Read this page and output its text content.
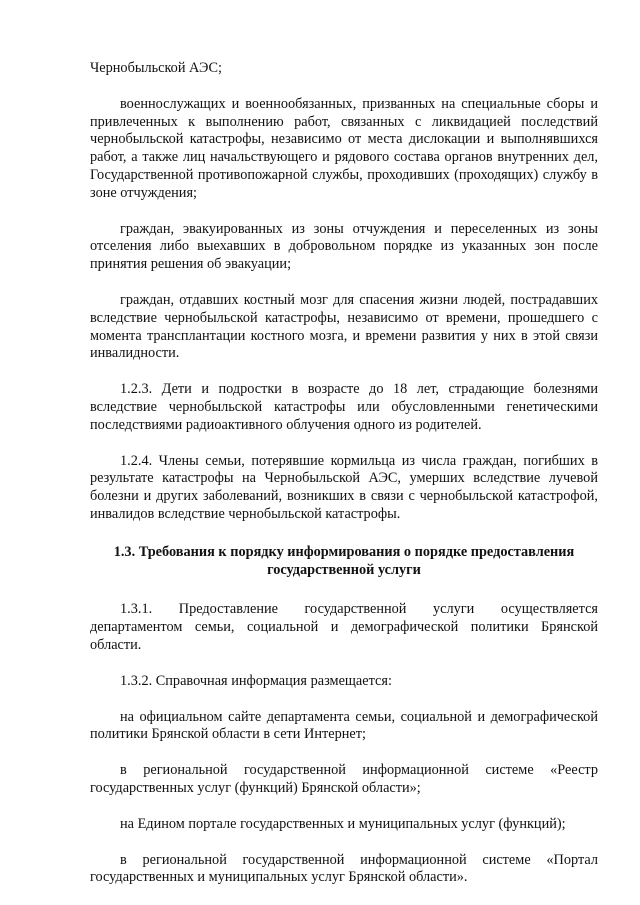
Чернобыльской АЭС;

военнослужащих и военнообязанных, призванных на специальные сборы и привлеченных к выполнению работ, связанных с ликвидацией последствий чернобыльской катастрофы, независимо от места дислокации и выполнявшихся работ, а также лиц начальствующего и рядового состава органов внутренних дел, Государственной противопожарной службы, проходивших (проходящих) службу в зоне отчуждения;

граждан, эвакуированных из зоны отчуждения и переселенных из зоны отселения либо выехавших в добровольном порядке из указанных зон после принятия решения об эвакуации;

граждан, отдавших костный мозг для спасения жизни людей, пострадавших вследствие чернобыльской катастрофы, независимо от времени, прошедшего с момента трансплантации костного мозга, и времени развития у них в этой связи инвалидности.

1.2.3. Дети и подростки в возрасте до 18 лет, страдающие болезнями вследствие чернобыльской катастрофы или обусловленными генетическими последствиями радиоактивного облучения одного из родителей.

1.2.4. Члены семьи, потерявшие кормильца из числа граждан, погибших в результате катастрофы на Чернобыльской АЭС, умерших вследствие лучевой болезни и других заболеваний, возникших в связи с чернобыльской катастрофой, инвалидов вследствие чернобыльской катастрофы.

1.3. Требования к порядку информирования о порядке предоставления государственной услуги

1.3.1. Предоставление государственной услуги осуществляется департаментом семьи, социальной и демографической политики Брянской области.

1.3.2. Справочная информация размещается:

на официальном сайте департамента семьи, социальной и демографической политики Брянской области в сети Интернет;

в региональной государственной информационной системе «Реестр государственных услуг (функций) Брянской области»;

на Едином портале государственных и муниципальных услуг (функций);

в региональной государственной информационной системе «Портал государственных и муниципальных услуг Брянской области».
